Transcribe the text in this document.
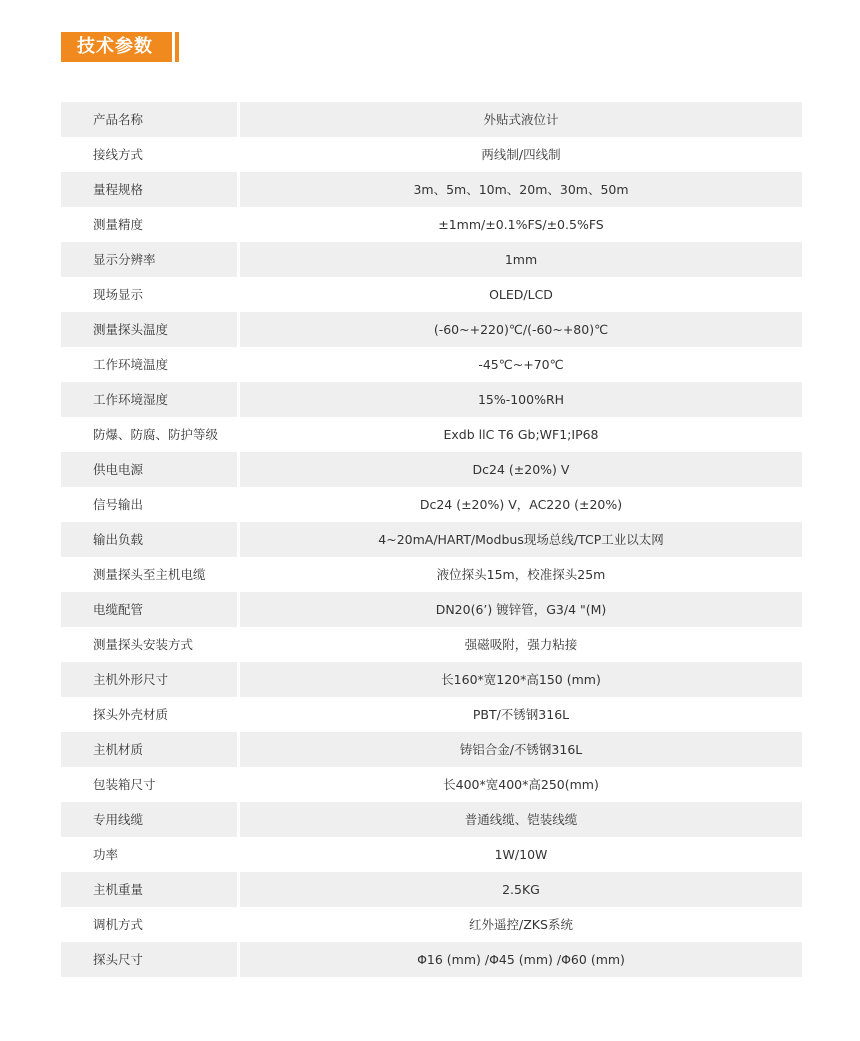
技术参数
产品名称	外贴式液位计
接线方式	两线制/四线制
量程规格	3m、5m、10m、20m、30m、50m
测量精度	±1mm/±0.1%FS/±0.5%FS
显示分辨率	1mm
现场显示	OLED/LCD
测量探头温度	(-60~+220)℃/(-60~+80)℃
工作环境温度	-45℃~+70℃
工作环境湿度	15%-100%RH
防爆、防腐、防护等级	Exdb llC T6 Gb;WF1;IP68
供电电源	Dc24 (±20%) V
信号输出	Dc24 (±20%) V，AC220 (±20%)
输出负载	4~20mA/HART/Modbus现场总线/TCP工业以太网
测量探头至主机电缆	液位探头15m，校准探头25m
电缆配管	DN20(6’) 镀锌管，G3/4 "(M)
测量探头安装方式	强磁吸附，强力粘接
主机外形尺寸	长160*宽120*高150 (mm)
探头外壳材质	PBT/不锈钢316L
主机材质	铸铝合金/不锈钢316L
包装箱尺寸	长400*宽400*高250(mm)
专用线缆	普通线缆、铠装线缆
功率	1W/10W
主机重量	2.5KG
调机方式	红外遥控/ZKS系统
探头尺寸	Φ16 (mm) /Φ45 (mm) /Φ60 (mm)
